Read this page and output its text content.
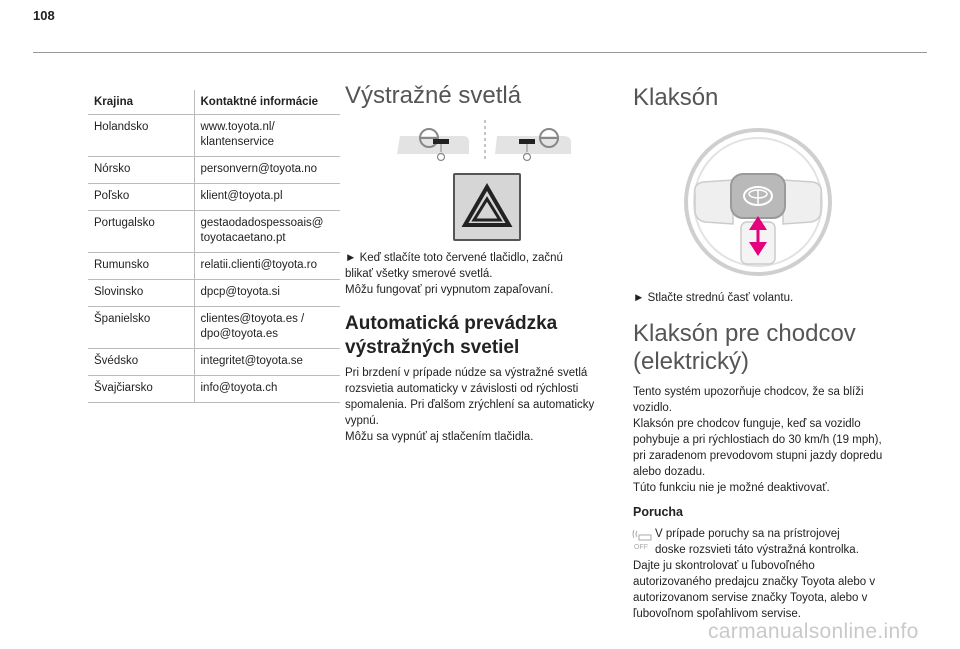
108
Krajina	Kontaktné informácie
Holandsko	www.toyota.nl/
klantenservice
Nórsko	personvern@toyota.no
Poľsko	klient@toyota.pl
Portugalsko	gestaodadospessoais@
toyotacaetano.pt
Rumunsko	relatii.clienti@toyota.ro
Slovinsko	dpcp@toyota.si
Španielsko	clientes@toyota.es /
dpo@toyota.es
Švédsko	integritet@toyota.se
Švajčiarsko	info@toyota.ch
Výstražné svetlá
► Keď stlačíte toto červené tlačidlo, začnú
blikať všetky smerové svetlá.
Môžu fungovať pri vypnutom zapaľovaní.
Automatická prevádzka
výstražných svetiel
Pri brzdení v prípade núdze sa výstražné svetlá
rozsvietia automaticky v závislosti od rýchlosti
spomalenia. Pri ďalšom zrýchlení sa automaticky
vypnú.
Môžu sa vypnúť aj stlačením tlačidla.
Klaksón
► Stlačte strednú časť volantu.
Klaksón pre chodcov
(elektrický)
Tento systém upozorňuje chodcov, že sa blíži
vozidlo.
Klaksón pre chodcov funguje, keď sa vozidlo
pohybuje a pri rýchlostiach do 30 km/h (19 mph),
pri zaradenom prevodovom stupni jazdy dopredu
alebo dozadu.
Túto funkciu nie je možné deaktivovať.
Porucha
OFF
V prípade poruchy sa na prístrojovej
doske rozsvieti táto výstražná kontrolka.
Dajte ju skontrolovať u ľubovoľného
autorizovaného predajcu značky Toyota alebo v
autorizovanom servise značky Toyota, alebo v
ľubovoľnom spoľahlivom servise.
carmanualsonline.info
